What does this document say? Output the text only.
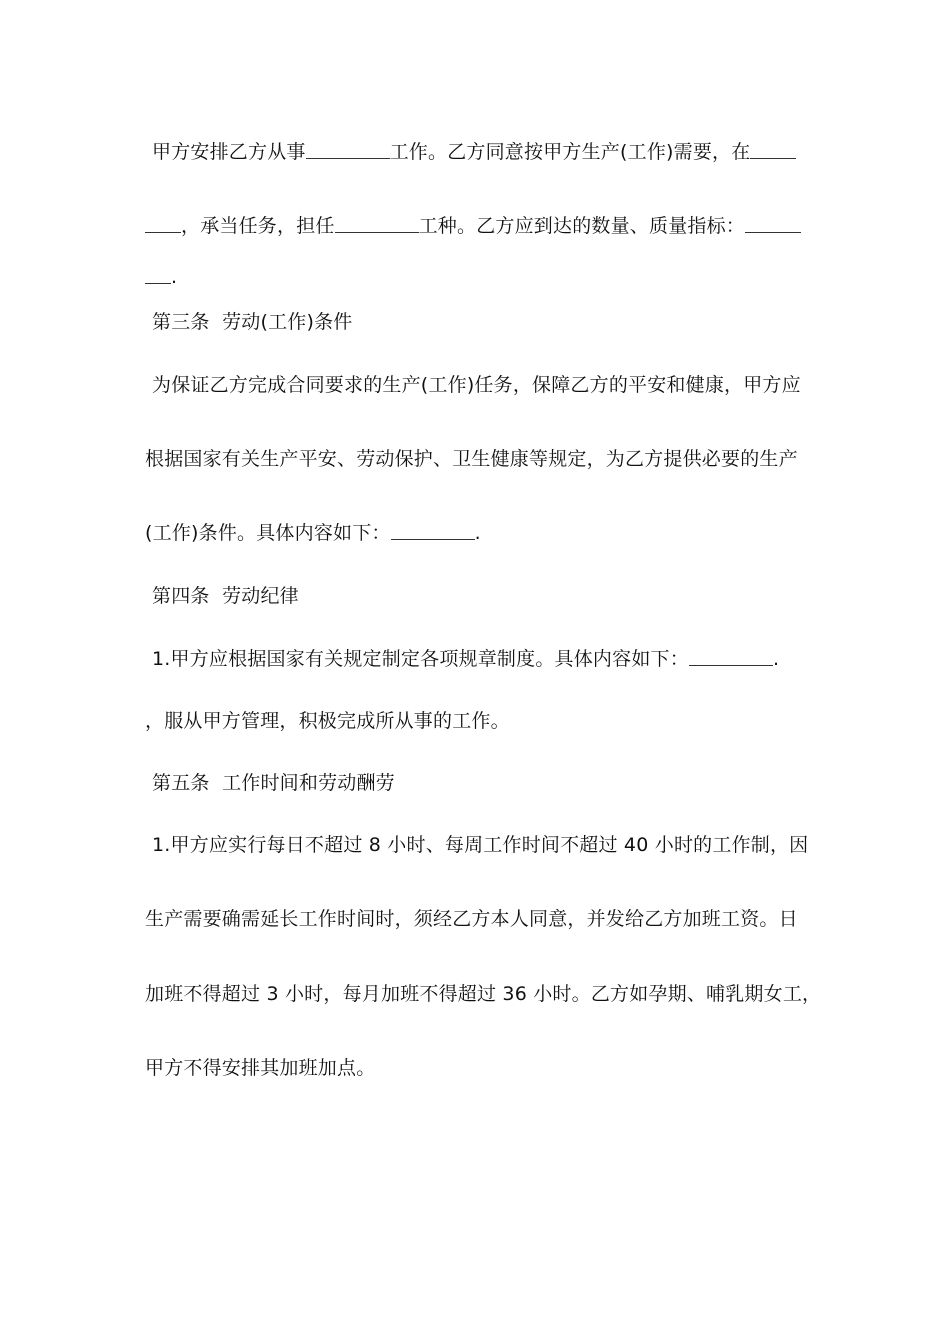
甲方安排乙方从事	工作。乙方同意按甲方生产(工作)需要，在
，承当任务，担任	工种。乙方应到达的数量、质量指标：
.
第三条  劳动(工作)条件
为保证乙方完成合同要求的生产(工作)任务，保障乙方的平安和健康，甲方应
根据国家有关生产平安、劳动保护、卫生健康等规定，为乙方提供必要的生产
(工作)条件。具体内容如下：	.
第四条  劳动纪律
1.甲方应根据国家有关规定制定各项规章制度。具体内容如下：	.
，服从甲方管理，积极完成所从事的工作。
第五条  工作时间和劳动酬劳
1.甲方应实行每日不超过 8 小时、每周工作时间不超过 40 小时的工作制，因
生产需要确需延长工作时间时，须经乙方本人同意，并发给乙方加班工资。日
加班不得超过 3 小时，每月加班不得超过 36 小时。乙方如孕期、哺乳期女工，
甲方不得安排其加班加点。
